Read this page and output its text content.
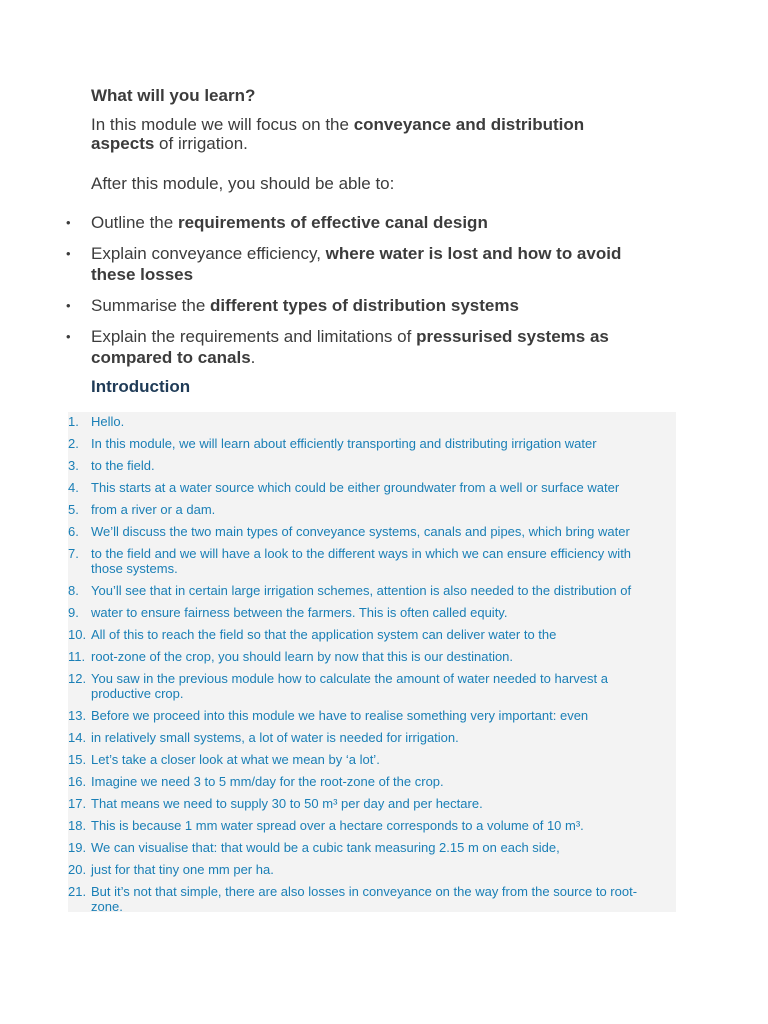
What will you learn?

In this module we will focus on the conveyance and distribution aspects of irrigation.

After this module, you should be able to:

• Outline the requirements of effective canal design
• Explain conveyance efficiency, where water is lost and how to avoid these losses
• Summarise the different types of distribution systems
• Explain the requirements and limitations of pressurised systems as compared to canals.
Introduction
1. Hello.
2. In this module, we will learn about efficiently transporting and distributing irrigation water
3. to the field.
4. This starts at a water source which could be either groundwater from a well or surface water
5. from a river or a dam.
6. We’ll discuss the two main types of conveyance systems, canals and pipes, which bring water
7. to the field and we will have a look to the different ways in which we can ensure efficiency with those systems.
8. You’ll see that in certain large irrigation schemes, attention is also needed to the distribution of
9. water to ensure fairness between the farmers. This is often called equity.
10. All of this to reach the field so that the application system can deliver water to the
11. root-zone of the crop, you should learn by now that this is our destination.
12. You saw in the previous module how to calculate the amount of water needed to harvest a productive crop.
13. Before we proceed into this module we have to realise something very important: even
14. in relatively small systems, a lot of water is needed for irrigation.
15. Let’s take a closer look at what we mean by ‘a lot’.
16. Imagine we need 3 to 5 mm/day for the root-zone of the crop.
17. That means we need to supply 30 to 50 m³ per day and per hectare.
18. This is because 1 mm water spread over a hectare corresponds to a volume of 10 m³.
19. We can visualise that: that would be a cubic tank measuring 2.15 m on each side,
20. just for that tiny one mm per ha.
21. But it’s not that simple, there are also losses in conveyance on the way from the source to root-zone.
